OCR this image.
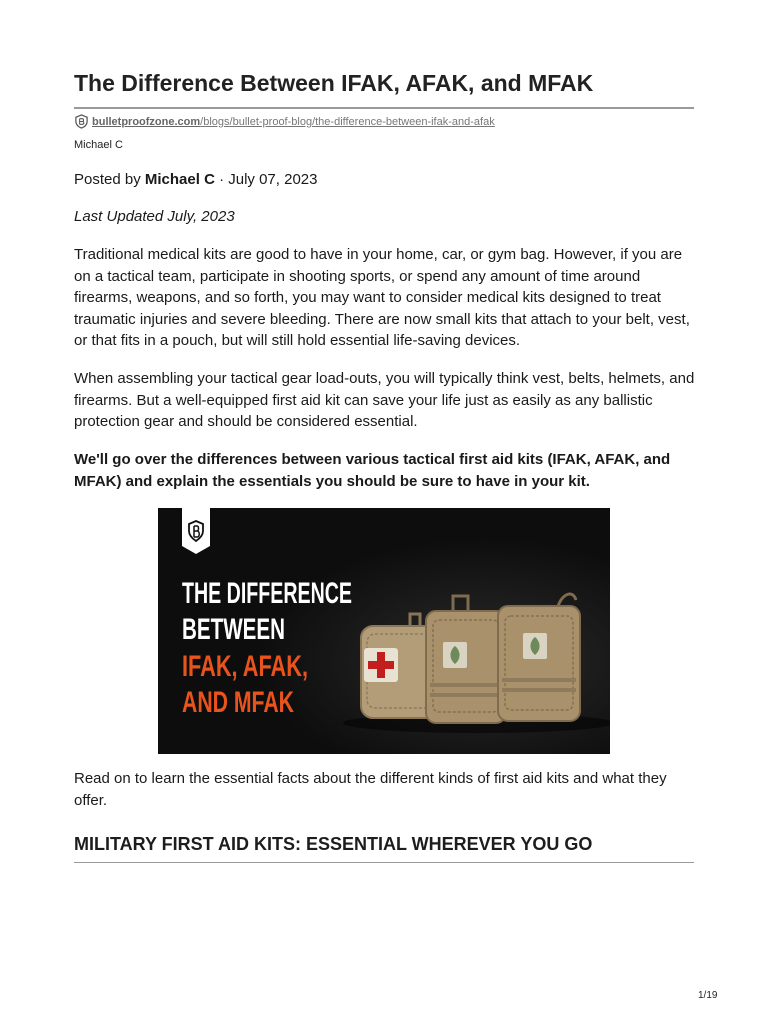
The Difference Between IFAK, AFAK, and MFAK
bulletproofzone.com /blogs/bullet-proof-blog/the-difference-between-ifak-and-afak
Michael C
Posted by Michael C · July 07, 2023
Last Updated July, 2023

Traditional medical kits are good to have in your home, car, or gym bag. However, if you are on a tactical team, participate in shooting sports, or spend any amount of time around firearms, weapons, and so forth, you may want to consider medical kits designed to treat traumatic injuries and severe bleeding. There are now small kits that attach to your belt, vest, or that fits in a pouch, but will still hold essential life-saving devices.

When assembling your tactical gear load-outs, you will typically think vest, belts, helmets, and firearms. But a well-equipped first aid kit can save your life just as easily as any ballistic protection gear and should be considered essential.

We'll go over the differences between various tactical first aid kits (IFAK, AFAK, and MFAK) and explain the essentials you should be sure to have in your kit.

THE DIFFERENCE
BETWEEN
IFAK, AFAK,
AND MFAK

Read on to learn the essential facts about the different kinds of first aid kits and what they offer.

MILITARY FIRST AID KITS: ESSENTIAL WHEREVER YOU GO
1/19
